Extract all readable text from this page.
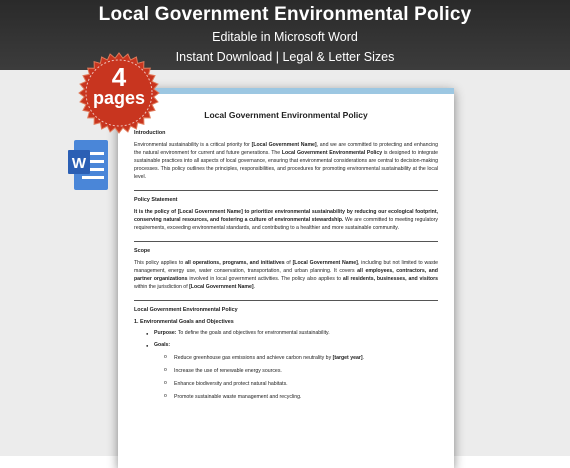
Local Government Environmental Policy
Editable in Microsoft Word
Instant Download | Legal & Letter Sizes
Local Government Environmental Policy
Introduction
Environmental sustainability is a critical priority for [Local Government Name], and we are committed to protecting and enhancing the natural environment for current and future generations. The Local Government Environmental Policy is designed to integrate sustainable practices into all aspects of local governance, ensuring that environmental considerations are central to decision-making processes. This policy outlines the principles, responsibilities, and procedures for promoting environmental sustainability at the local level.
Policy Statement
It is the policy of [Local Government Name] to prioritize environmental sustainability by reducing our ecological footprint, conserving natural resources, and fostering a culture of environmental stewardship. We are committed to meeting regulatory requirements, exceeding environmental standards, and contributing to a healthier and more sustainable community.
Scope
This policy applies to all operations, programs, and initiatives of [Local Government Name], including but not limited to waste management, energy use, water conservation, transportation, and urban planning. It covers all employees, contractors, and partner organizations involved in local government activities. The policy also applies to all residents, businesses, and visitors within the jurisdiction of [Local Government Name].
Local Government Environmental Policy
1. Environmental Goals and Objectives
● Purpose: To define the goals and objectives for environmental sustainability.
● Goals:
o Reduce greenhouse gas emissions and achieve carbon neutrality by [target year].
o Increase the use of renewable energy sources.
o Enhance biodiversity and protect natural habitats.
o Promote sustainable waste management and recycling.
4
pages
W
